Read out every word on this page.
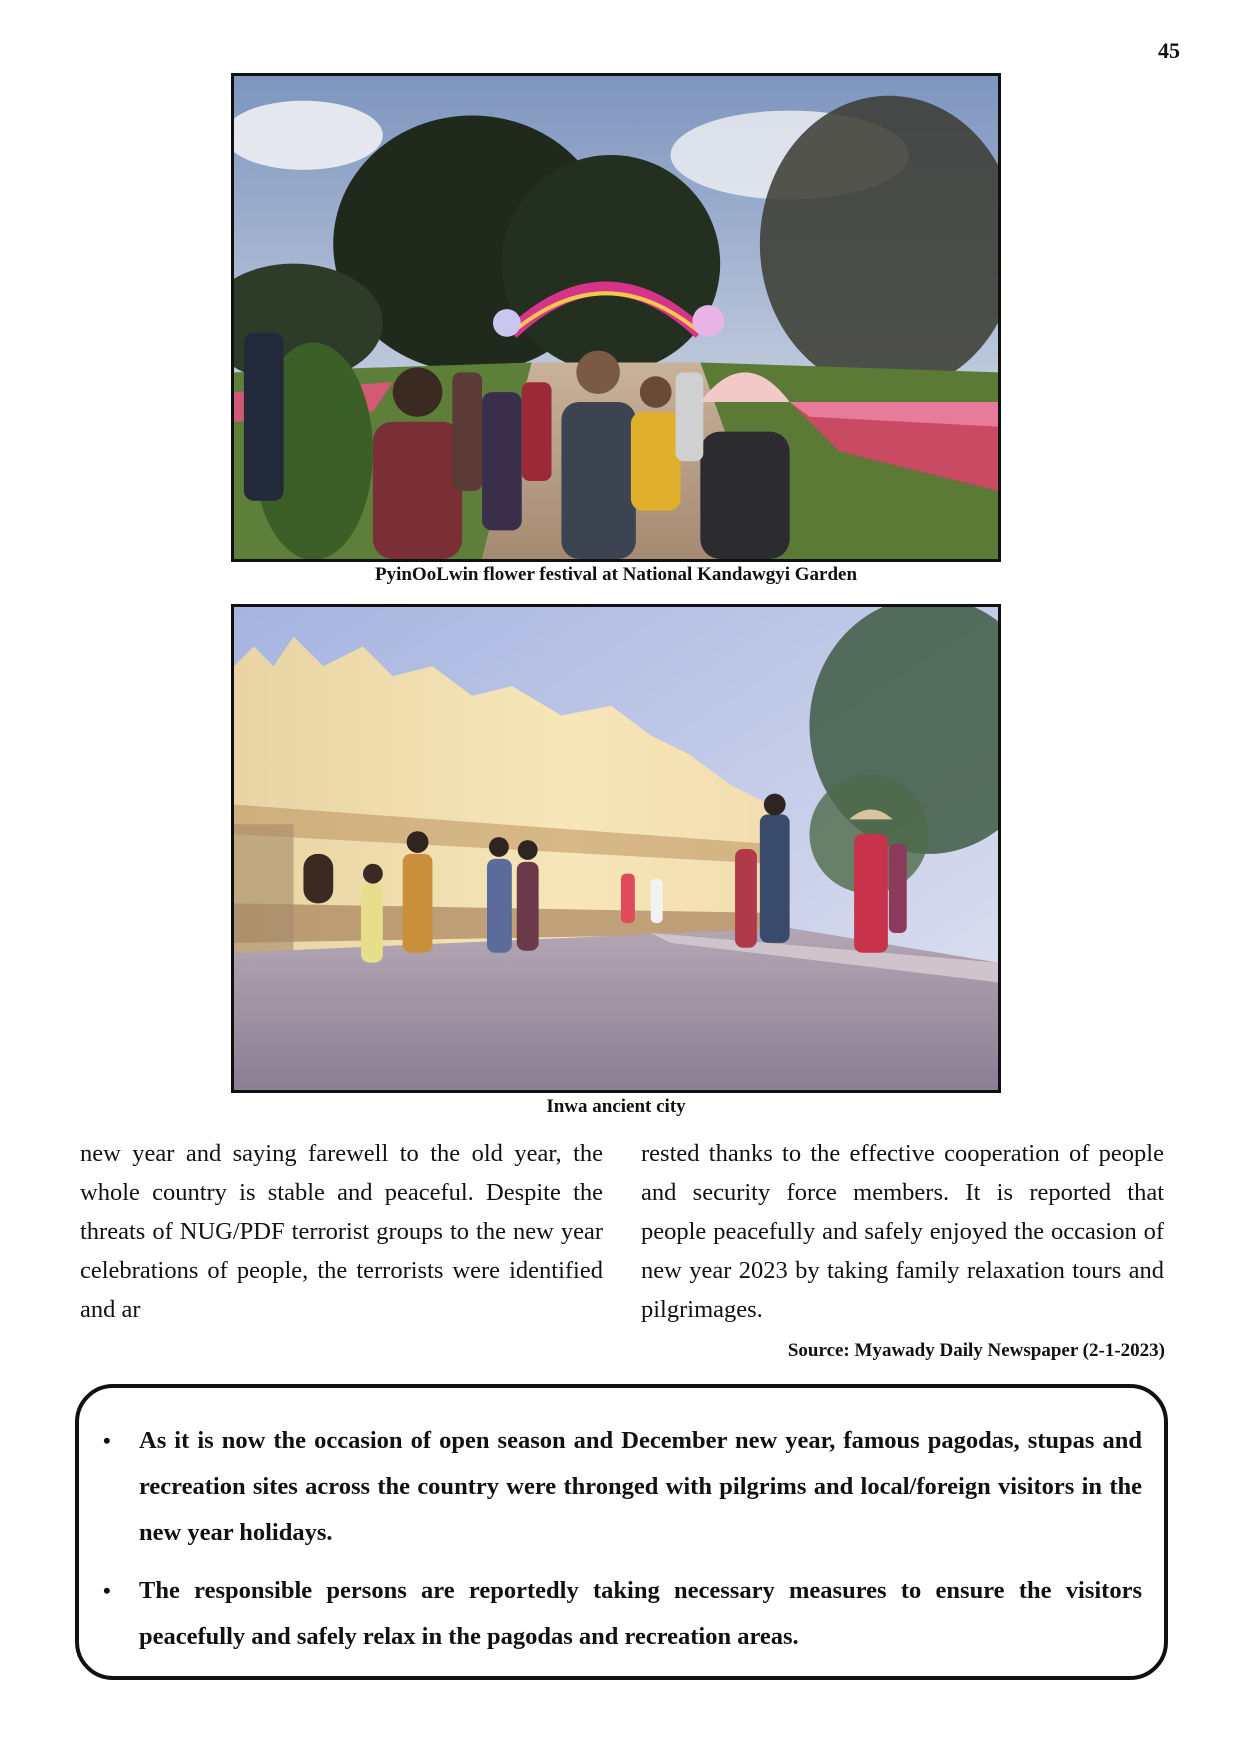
45
PyinOoLwin flower festival at National Kandawgyi Garden
Inwa ancient city
new year and saying farewell to the old year, the whole country is stable and peaceful. Despite the threats of NUG/PDF terrorist groups to the new year celebrations of people, the terrorists were identified and ar
rested thanks to the effective cooperation of people and security force members. It is reported that people peacefully and safely enjoyed the occasion of new year 2023 by taking family relaxation tours and pilgrimages.
Source: Myawady Daily Newspaper (2-1-2023)
• As it is now the occasion of open season and December new year, famous pagodas, stupas and recreation sites across the country were thronged with pilgrims and local/foreign visitors in the new year holidays.
• The responsible persons are reportedly taking necessary measures to ensure the visitors peacefully and safely relax in the pagodas and recreation areas.
